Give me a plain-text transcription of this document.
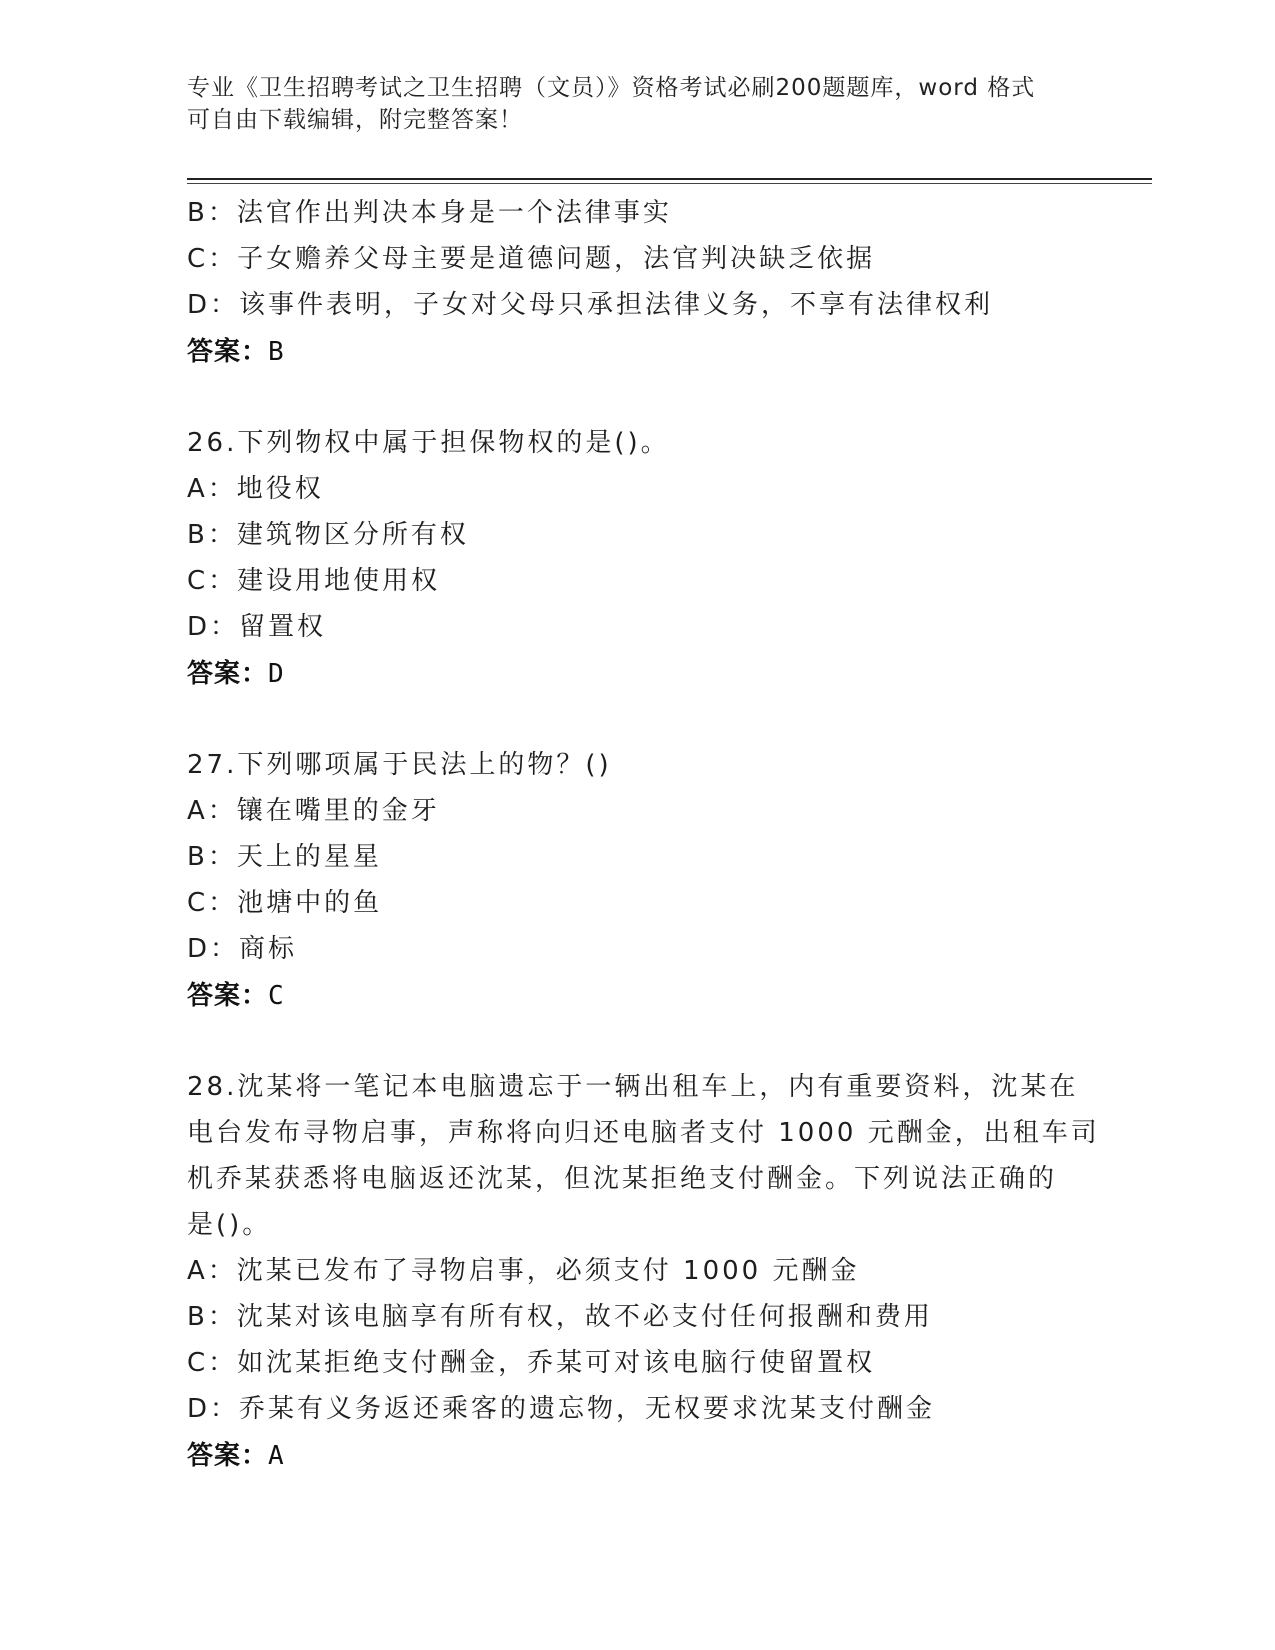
专业《卫生招聘考试之卫生招聘（文员）》资格考试必刷200题题库，word 格式
可自由下载编辑，附完整答案！
B：法官作出判决本身是一个法律事实
C：子女赡养父母主要是道德问题，法官判决缺乏依据
D：该事件表明，子女对父母只承担法律义务，不享有法律权利
答案：B
26.下列物权中属于担保物权的是()。
A：地役权
B：建筑物区分所有权
C：建设用地使用权
D：留置权
答案：D
27.下列哪项属于民法上的物？()
A：镶在嘴里的金牙
B：天上的星星
C：池塘中的鱼
D：商标
答案：C
28.沈某将一笔记本电脑遗忘于一辆出租车上，内有重要资料，沈某在
电台发布寻物启事，声称将向归还电脑者支付 1000 元酬金，出租车司
机乔某获悉将电脑返还沈某，但沈某拒绝支付酬金。下列说法正确的
是()。
A：沈某已发布了寻物启事，必须支付 1000 元酬金
B：沈某对该电脑享有所有权，故不必支付任何报酬和费用
C：如沈某拒绝支付酬金，乔某可对该电脑行使留置权
D：乔某有义务返还乘客的遗忘物，无权要求沈某支付酬金
答案：A
